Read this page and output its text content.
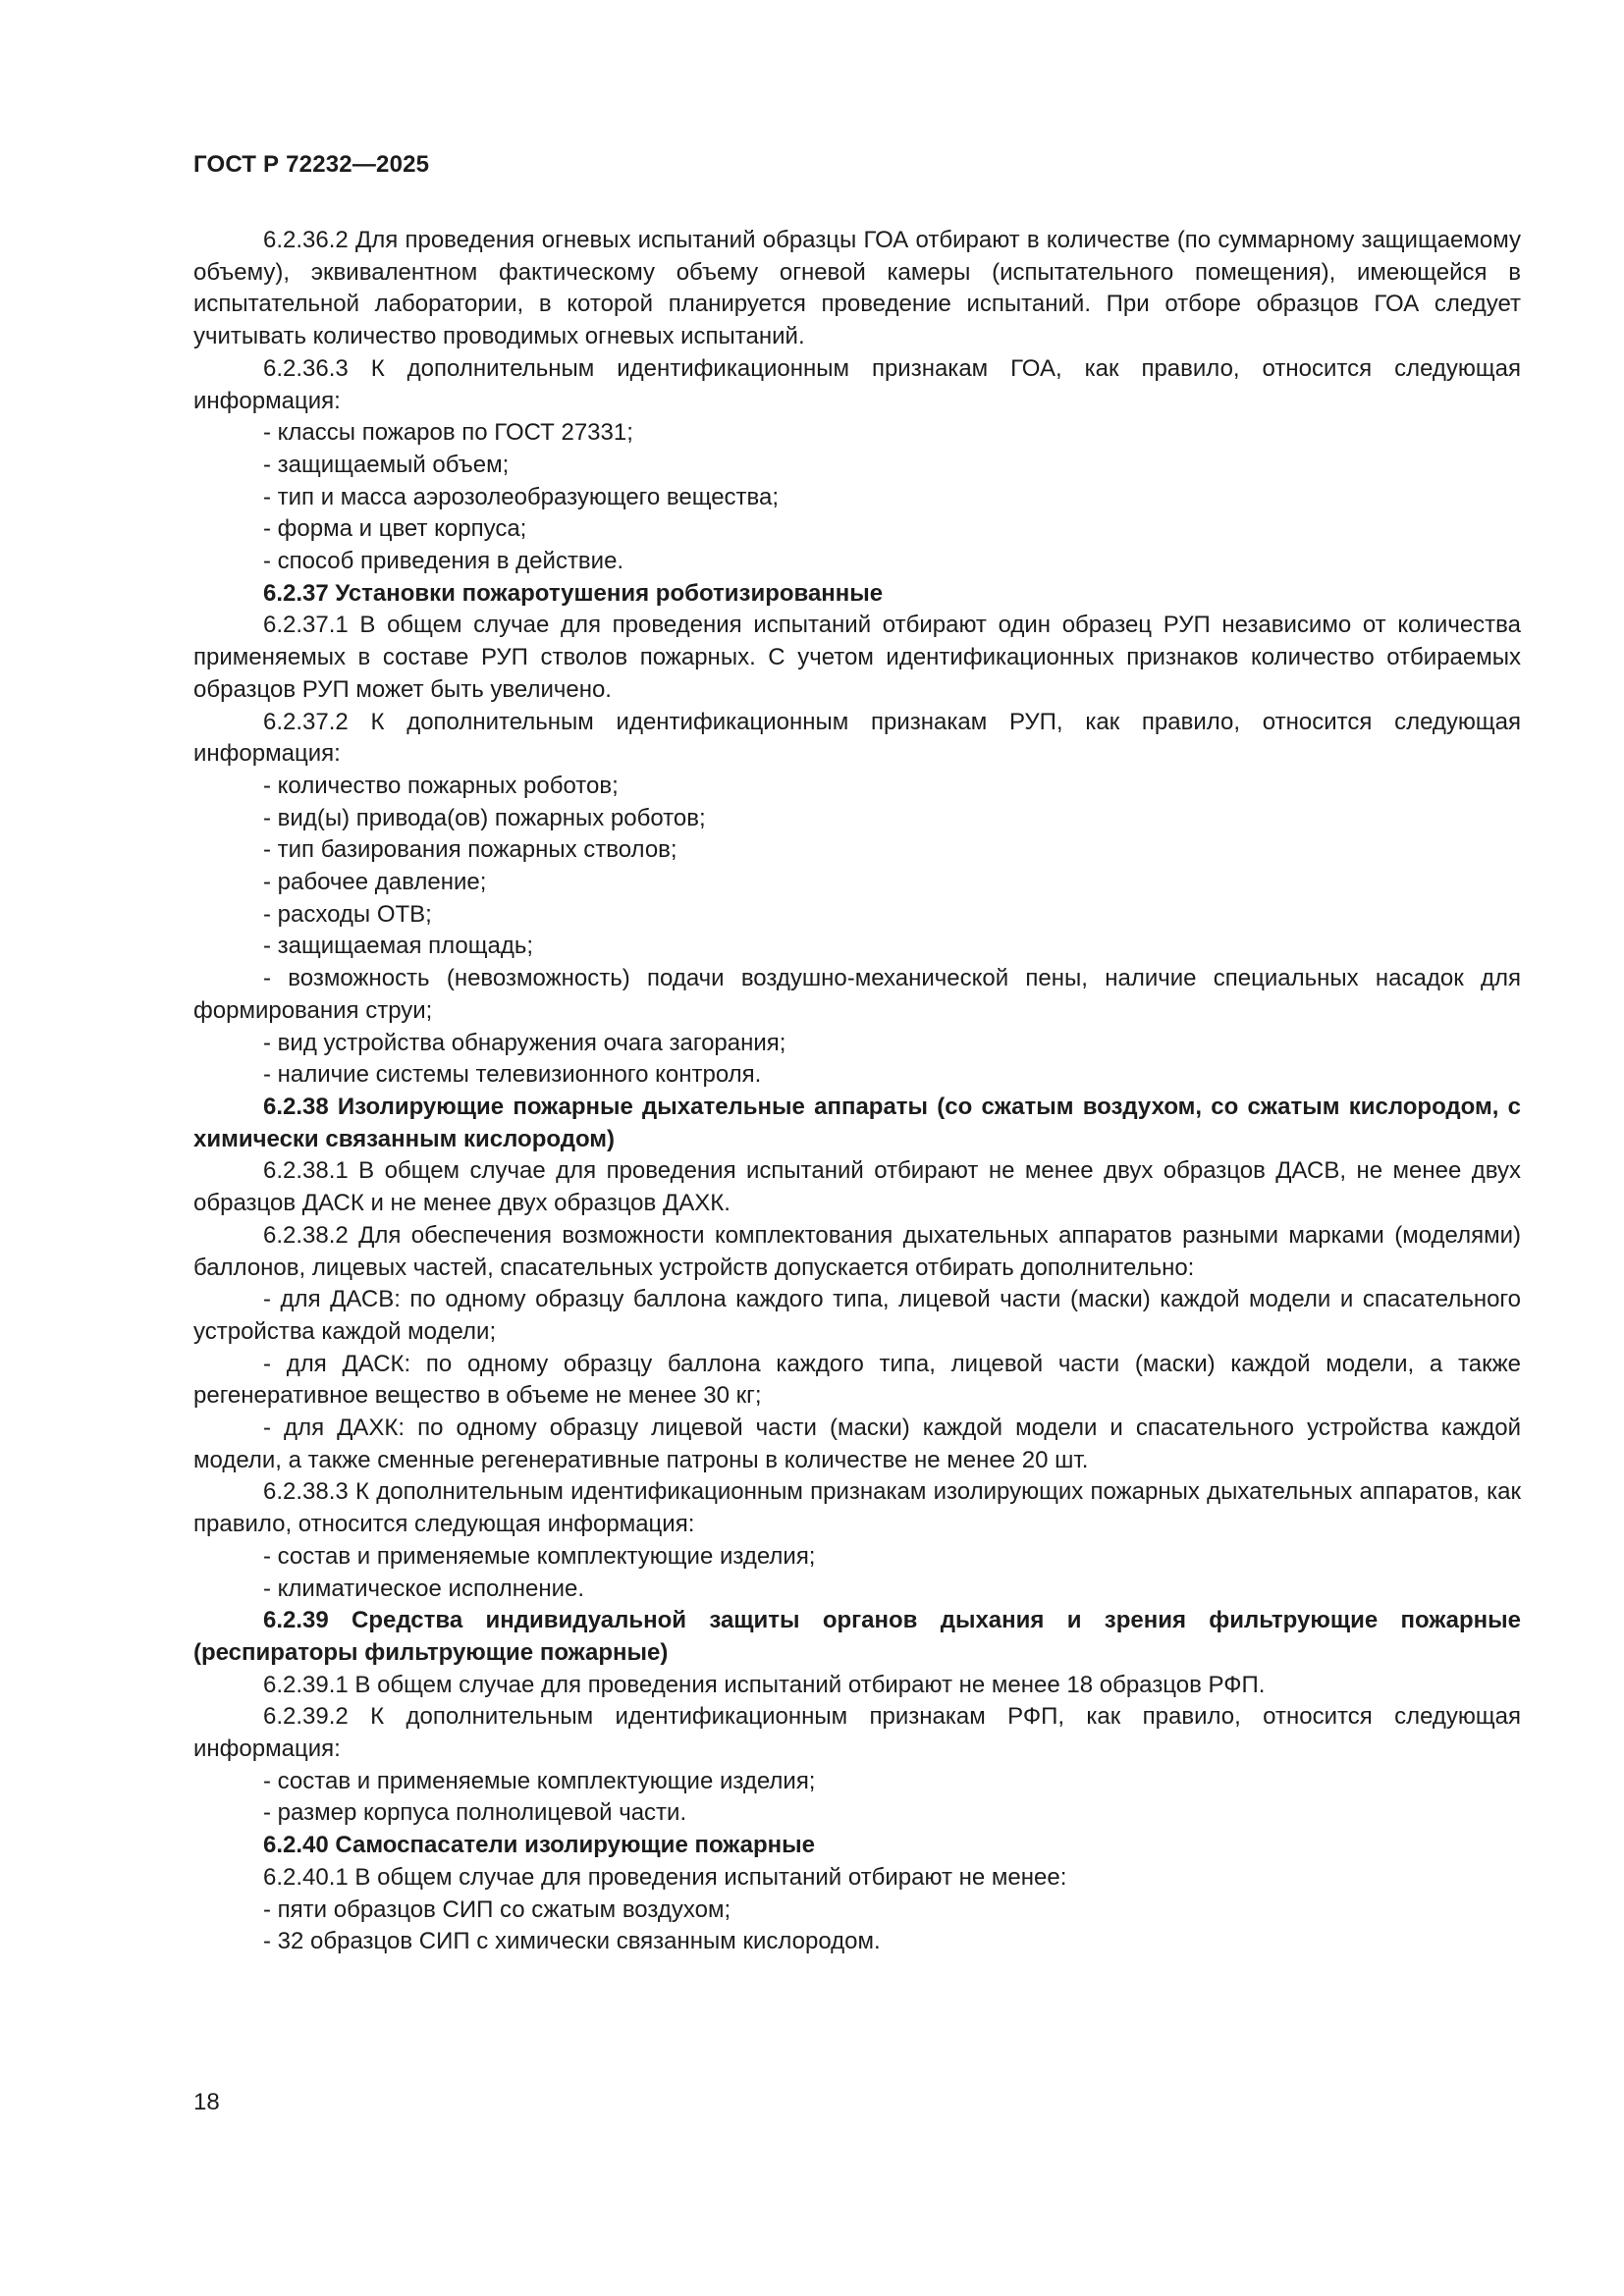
ГОСТ Р 72232—2025

6.2.36.2 Для проведения огневых испытаний образцы ГОА отбирают в количестве (по суммарному защищаемому объему), эквивалентном фактическому объему огневой камеры (испытательного помещения), имеющейся в испытательной лаборатории, в которой планируется проведение испытаний. При отборе образцов ГОА следует учитывать количество проводимых огневых испытаний.

6.2.36.3 К дополнительным идентификационным признакам ГОА, как правило, относится следующая информация:

- классы пожаров по ГОСТ 27331;

- защищаемый объем;

- тип и масса аэрозолеобразующего вещества;

- форма и цвет корпуса;

- способ приведения в действие.

6.2.37 Установки пожаротушения роботизированные

6.2.37.1 В общем случае для проведения испытаний отбирают один образец РУП независимо от количества применяемых в составе РУП стволов пожарных. С учетом идентификационных признаков количество отбираемых образцов РУП может быть увеличено.

6.2.37.2 К дополнительным идентификационным признакам РУП, как правило, относится следующая информация:

- количество пожарных роботов;

- вид(ы) привода(ов) пожарных роботов;

- тип базирования пожарных стволов;

- рабочее давление;

- расходы ОТВ;

- защищаемая площадь;

- возможность (невозможность) подачи воздушно-механической пены, наличие специальных насадок для формирования струи;

- вид устройства обнаружения очага загорания;

- наличие системы телевизионного контроля.

6.2.38 Изолирующие пожарные дыхательные аппараты (со сжатым воздухом, со сжатым кислородом, с химически связанным кислородом)

6.2.38.1 В общем случае для проведения испытаний отбирают не менее двух образцов ДАСВ, не менее двух образцов ДАСК и не менее двух образцов ДАХК.

6.2.38.2 Для обеспечения возможности комплектования дыхательных аппаратов разными марками (моделями) баллонов, лицевых частей, спасательных устройств допускается отбирать дополнительно:

- для ДАСВ: по одному образцу баллона каждого типа, лицевой части (маски) каждой модели и спасательного устройства каждой модели;

- для ДАСК: по одному образцу баллона каждого типа, лицевой части (маски) каждой модели, а также регенеративное вещество в объеме не менее 30 кг;

- для ДАХК: по одному образцу лицевой части (маски) каждой модели и спасательного устройства каждой модели, а также сменные регенеративные патроны в количестве не менее 20 шт.

6.2.38.3 К дополнительным идентификационным признакам изолирующих пожарных дыхательных аппаратов, как правило, относится следующая информация:

- состав и применяемые комплектующие изделия;

- климатическое исполнение.

6.2.39 Средства индивидуальной защиты органов дыхания и зрения фильтрующие пожарные (респираторы фильтрующие пожарные)

6.2.39.1 В общем случае для проведения испытаний отбирают не менее 18 образцов РФП.

6.2.39.2 К дополнительным идентификационным признакам РФП, как правило, относится следующая информация:

- состав и применяемые комплектующие изделия;

- размер корпуса полнолицевой части.

6.2.40 Самоспасатели изолирующие пожарные

6.2.40.1 В общем случае для проведения испытаний отбирают не менее:

- пяти образцов СИП со сжатым воздухом;

- 32 образцов СИП с химически связанным кислородом.

18
